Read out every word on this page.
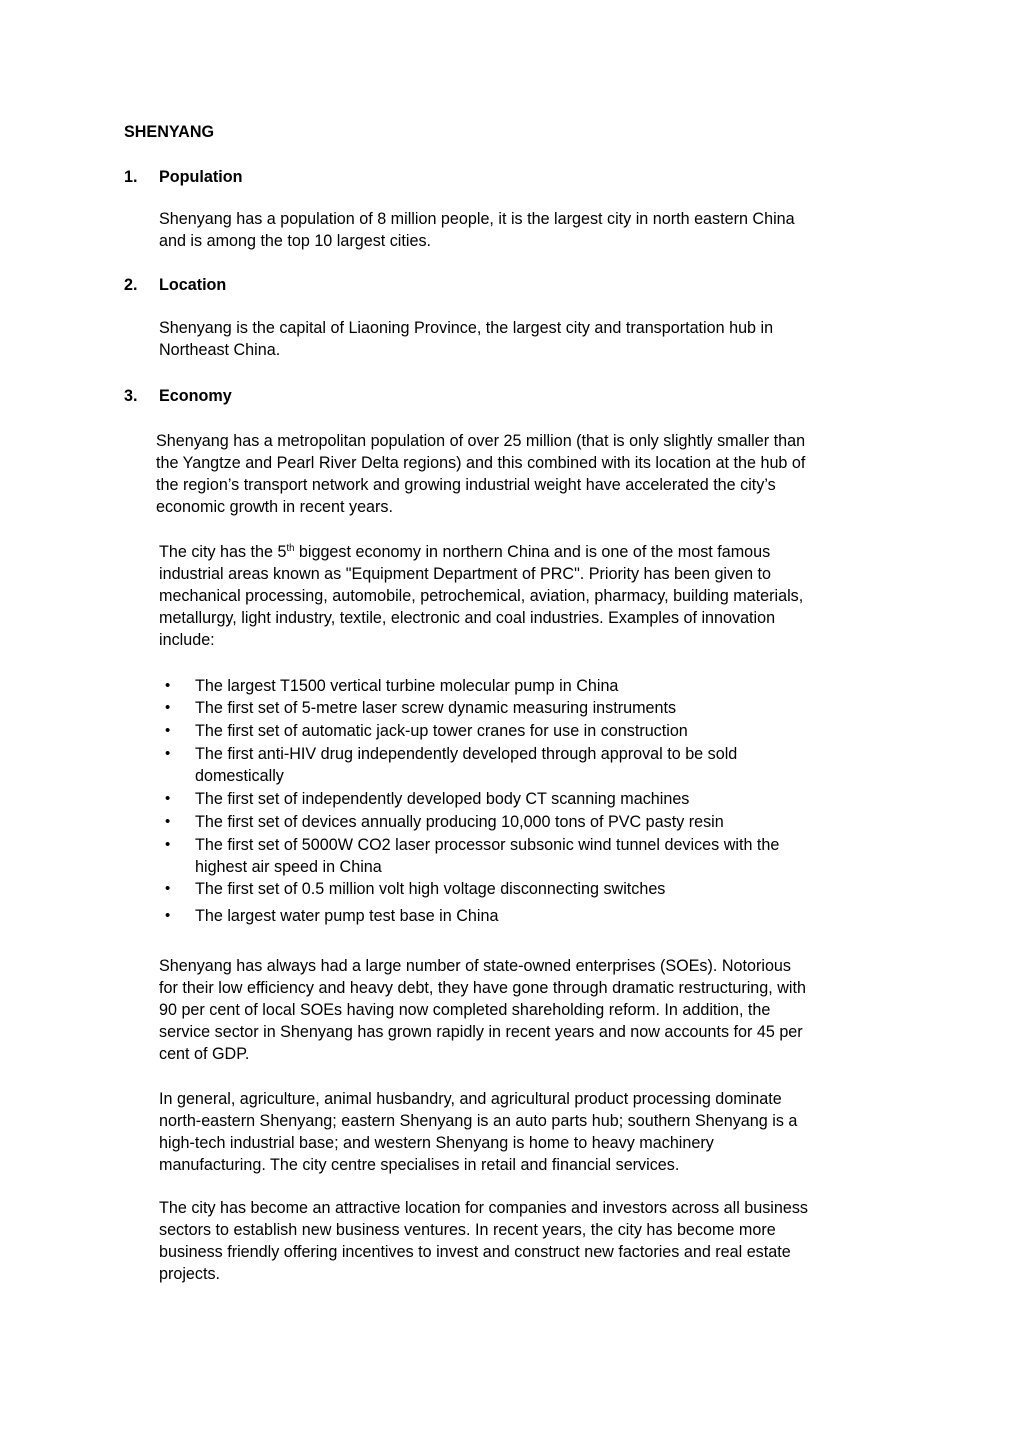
SHENYANG
1. Population
Shenyang has a population of 8 million people, it is the largest city in north eastern China
and is among the top 10 largest cities.
2. Location
Shenyang is the capital of Liaoning Province, the largest city and transportation hub in
Northeast China.
3. Economy
Shenyang has a metropolitan population of over 25 million (that is only slightly smaller than
the Yangtze and Pearl River Delta regions) and this combined with its location at the hub of
the region’s transport network and growing industrial weight have accelerated the city’s
economic growth in recent years.
The city has the 5th biggest economy in northern China and is one of the most famous
industrial areas known as "Equipment Department of PRC". Priority has been given to
mechanical processing, automobile, petrochemical, aviation, pharmacy, building materials,
metallurgy, light industry, textile, electronic and coal industries. Examples of innovation
include:
• The largest T1500 vertical turbine molecular pump in China
• The first set of 5-metre laser screw dynamic measuring instruments
• The first set of automatic jack-up tower cranes for use in construction
• The first anti-HIV drug independently developed through approval to be sold
domestically
• The first set of independently developed body CT scanning machines
• The first set of devices annually producing 10,000 tons of PVC pasty resin
• The first set of 5000W CO2 laser processor subsonic wind tunnel devices with the
highest air speed in China
• The first set of 0.5 million volt high voltage disconnecting switches
• The largest water pump test base in China
Shenyang has always had a large number of state-owned enterprises (SOEs). Notorious
for their low efficiency and heavy debt, they have gone through dramatic restructuring, with
90 per cent of local SOEs having now completed shareholding reform. In addition, the
service sector in Shenyang has grown rapidly in recent years and now accounts for 45 per
cent of GDP.
In general, agriculture, animal husbandry, and agricultural product processing dominate
north-eastern Shenyang; eastern Shenyang is an auto parts hub; southern Shenyang is a
high-tech industrial base; and western Shenyang is home to heavy machinery
manufacturing. The city centre specialises in retail and financial services.
The city has become an attractive location for companies and investors across all business
sectors to establish new business ventures. In recent years, the city has become more
business friendly offering incentives to invest and construct new factories and real estate
projects.
